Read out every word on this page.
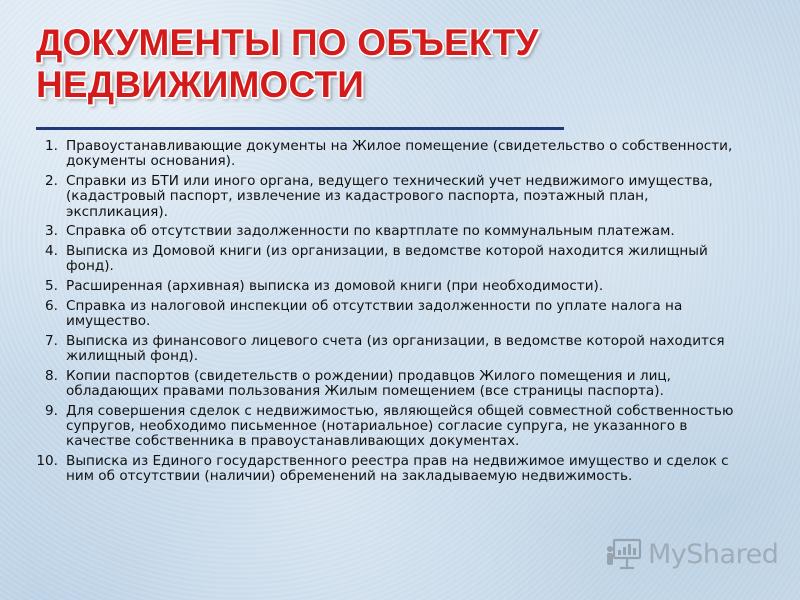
ДОКУМЕНТЫ ПО ОБЪЕКТУ НЕДВИЖИМОСТИ
1. Правоустанавливающие документы на Жилое помещение (свидетельство о собственности, документы основания).
2. Справки из БТИ или иного органа, ведущего технический учет недвижимого имущества, (кадастровый паспорт, извлечение из кадастрового паспорта, поэтажный план, экспликация).
3. Справка об отсутствии задолженности по квартплате по коммунальным платежам.
4. Выписка из Домовой книги (из организации, в ведомстве которой находится жилищный фонд).
5. Расширенная (архивная) выписка из домовой книги (при необходимости).
6. Справка из налоговой инспекции об отсутствии задолженности по уплате налога на имущество.
7. Выписка из финансового лицевого счета (из организации, в ведомстве которой находится жилищный фонд).
8. Копии паспортов (свидетельств о рождении) продавцов Жилого помещения и лиц, обладающих правами пользования Жилым помещением (все страницы паспорта).
9. Для совершения сделок с недвижимостью, являющейся общей совместной собственностью супругов, необходимо письменное (нотариальное) согласие супруга, не указанного в качестве собственника в правоустанавливающих документах.
10. Выписка из Единого государственного реестра прав на недвижимое имущество и сделок с ним об отсутствии (наличии) обременений на закладываемую недвижимость.
MyShared
